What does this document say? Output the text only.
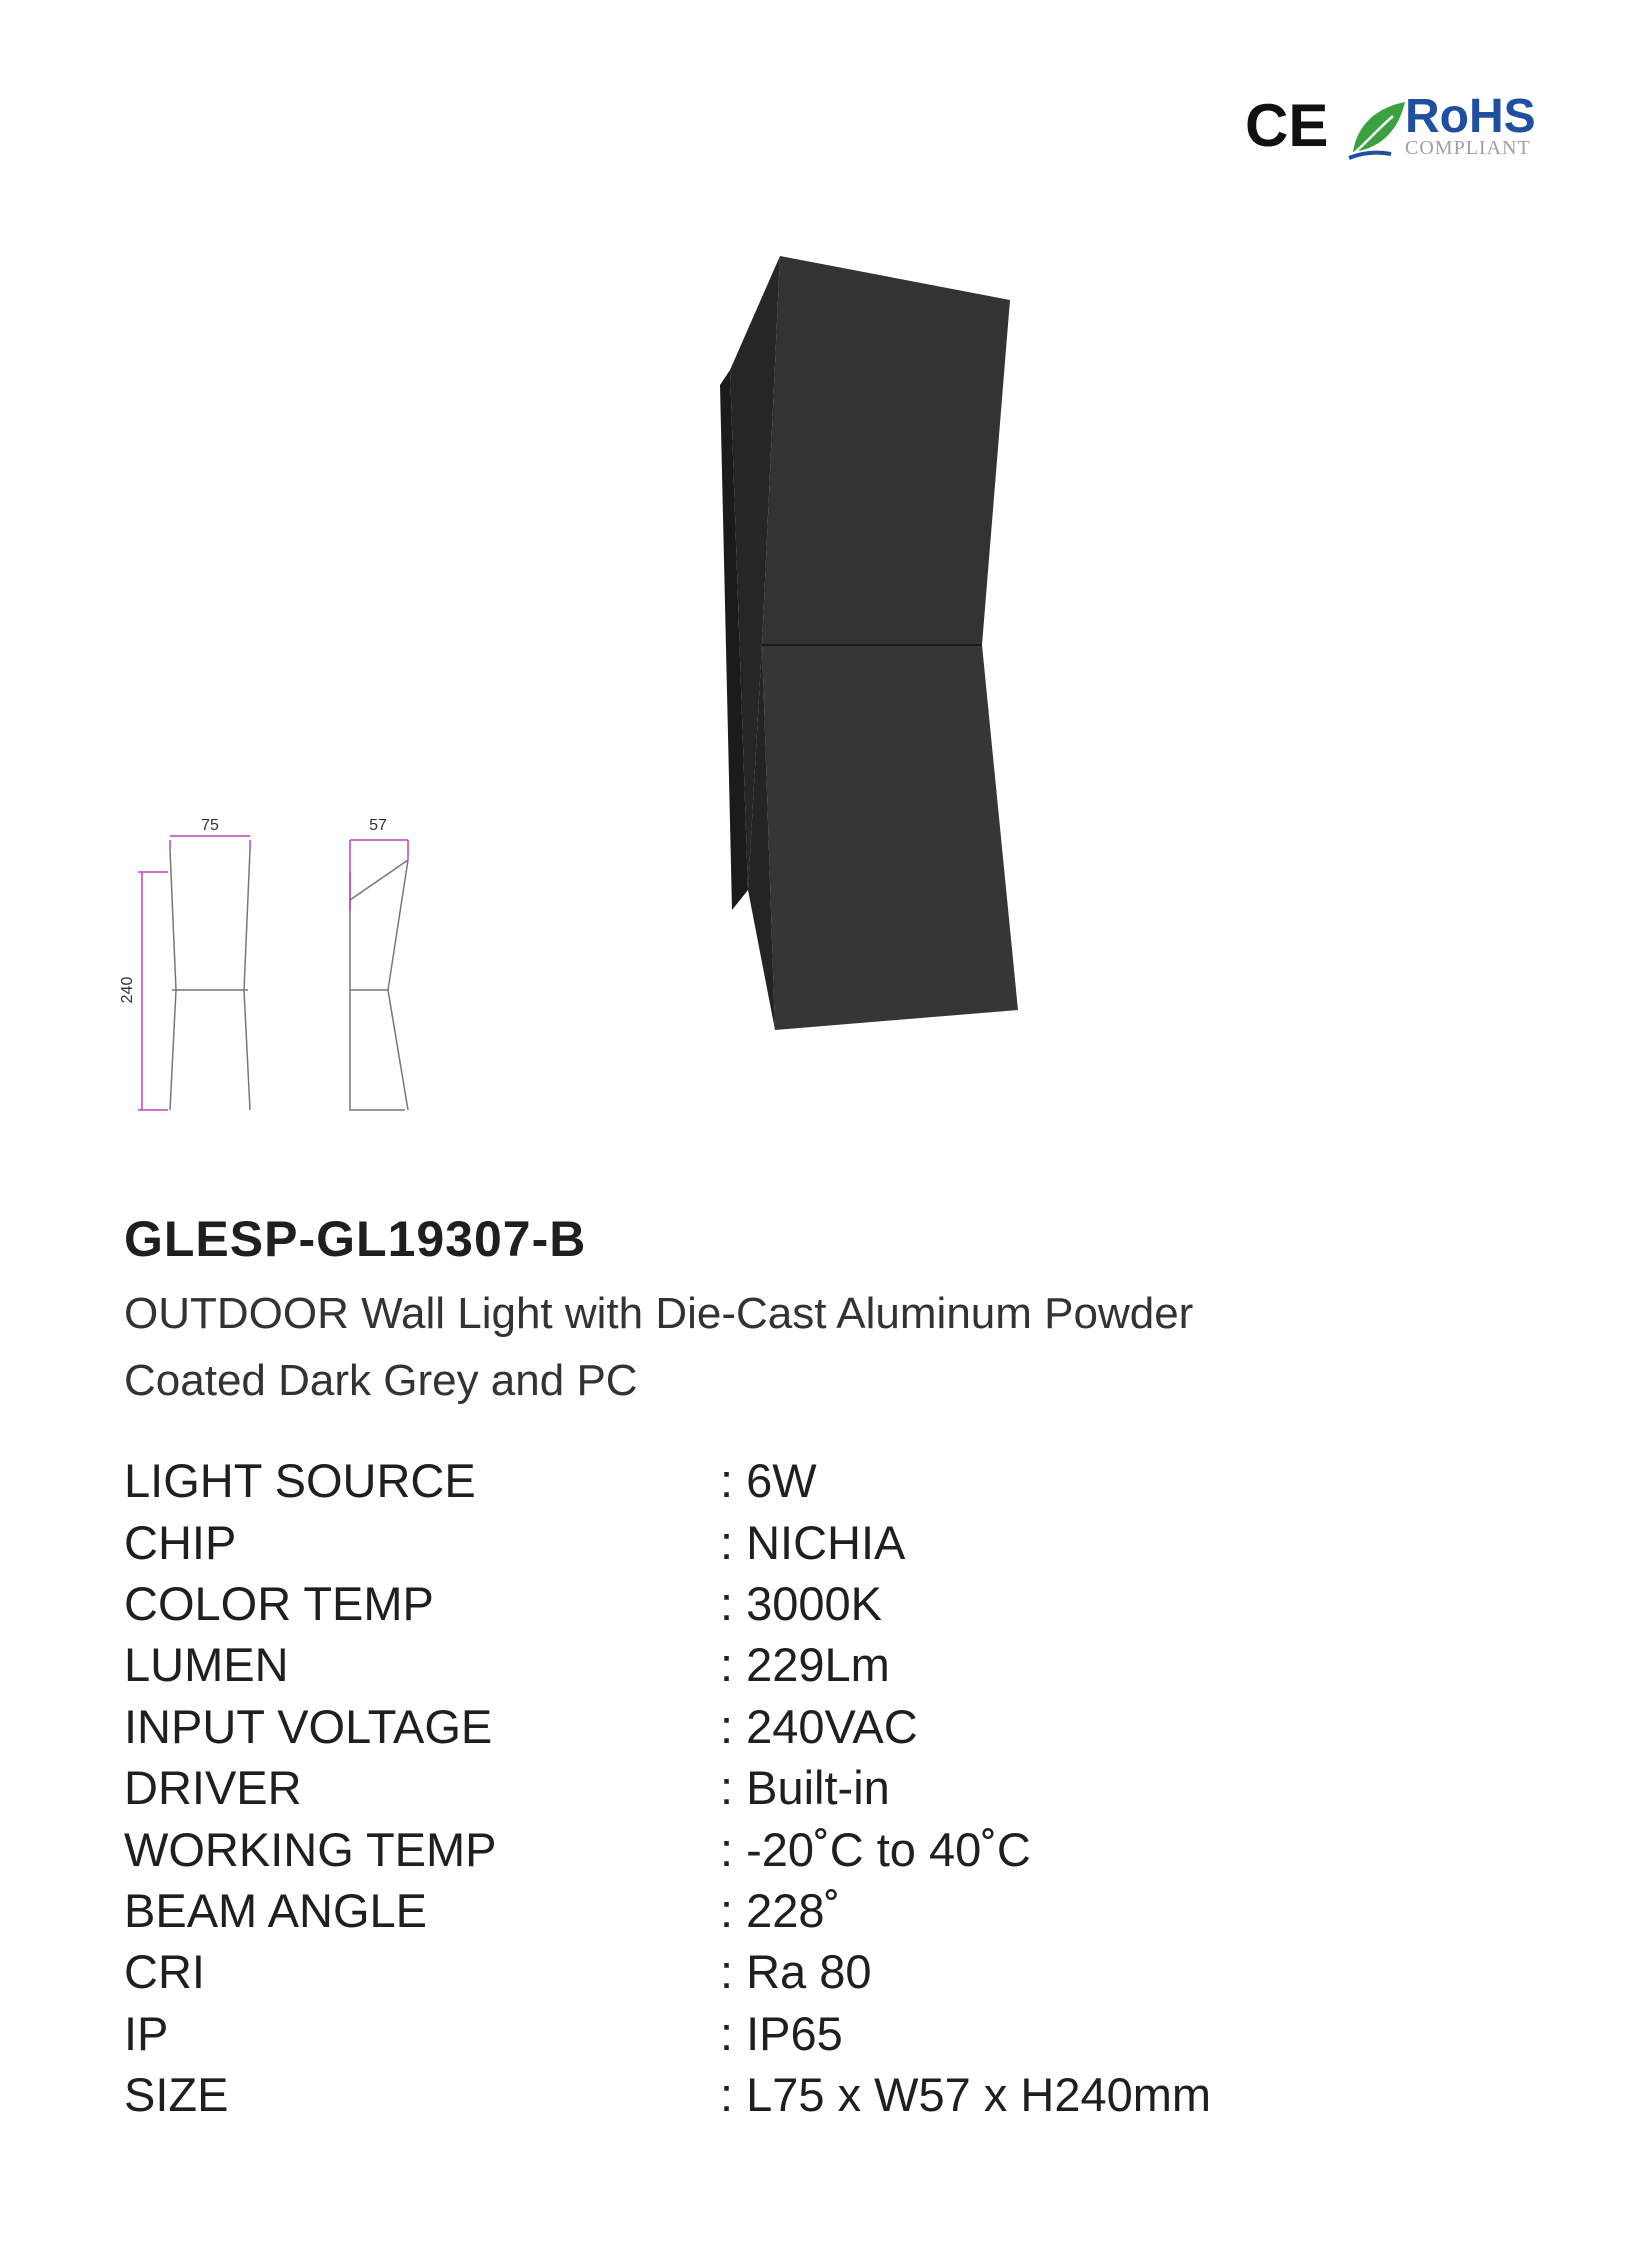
CE RoHS
COMPLIANT
75
240
57
GLESP-GL19307-B
OUTDOOR Wall Light with Die-Cast Aluminum Powder
Coated Dark Grey and PC
LIGHT SOURCE	: 6W
CHIP	: NICHIA
COLOR TEMP	: 3000K
LUMEN	: 229Lm
INPUT VOLTAGE	: 240VAC
DRIVER	: Built-in
WORKING TEMP	: -20˚C to 40˚C
BEAM ANGLE	: 228˚
CRI	: Ra 80
IP	: IP65
SIZE	: L75 x W57 x H240mm
